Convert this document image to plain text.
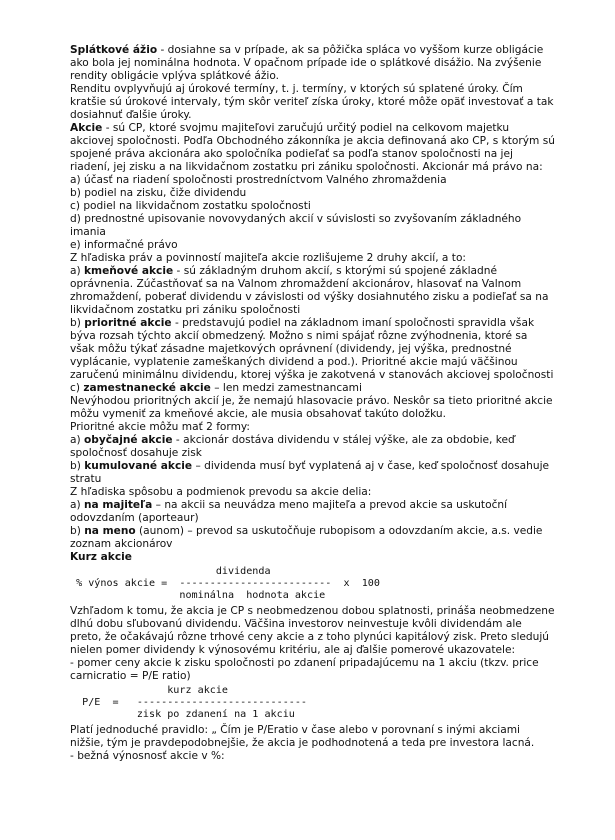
Splátkové ážio - dosiahne sa v prípade, ak sa pôžička spláca vo vyššom kurze obligácie ako bola jej nominálna hodnota. V opačnom prípade ide o splátkové disážio. Na zvýšenie rendity obligácie vplýva splátkové ážio.

Renditu ovplyvňujú aj úrokové termíny, t. j. termíny, v ktorých sú splatené úroky. Čím kratšie sú úrokové intervaly, tým skôr veriteľ získa úroky, ktoré môže opäť investovať a tak dosiahnuť ďalšie úroky.

Akcie - sú CP, ktoré svojmu majiteľovi zaručujú určitý podiel na celkovom majetku akciovej spoločnosti. Podľa Obchodného zákonníka je akcia definovaná ako CP, s ktorým sú spojené práva akcionára ako spoločníka podieľať sa podľa stanov spoločnosti na jej riadení, jej zisku a na likvidačnom zostatku pri zániku spoločnosti. Akcionár má právo na:

a) účasť na riadení spoločnosti prostredníctvom Valného zhromaždenia

b) podiel na zisku, čiže dividendu

c) podiel na likvidačnom zostatku spoločnosti

d) prednostné upisovanie novovydaných akcií v súvislosti so zvyšovaním základného imania

e) informačné právo

Z hľadiska práv a povinností majiteľa akcie rozlišujeme 2 druhy akcií, a to:

a) kmeňové akcie - sú základným druhom akcií, s ktorými sú spojené základné oprávnenia. Zúčastňovať sa na Valnom zhromaždení akcionárov, hlasovať na Valnom zhromaždení, poberať dividendu v závislosti od výšky dosiahnutého zisku a podieľať sa na likvidačnom zostatku pri zániku spoločnosti

b) prioritné akcie - predstavujú podiel na základnom imaní spoločnosti spravidla však býva rozsah týchto akcií obmedzený. Možno s nimi spájať rôzne zvýhodnenia, ktoré sa však môžu týkať zásadne majetkových oprávnení (dividendy, jej výška, prednostné vyplácanie, vyplatenie zameškaných dividend a pod.). Prioritné akcie majú väčšinou zaručenú minimálnu dividendu, ktorej výška je zakotvená v stanovách akciovej spoločnosti

c) zamestnanecké akcie – len medzi zamestnancami

Nevýhodou prioritných akcií je, že nemajú hlasovacie právo. Neskôr sa tieto prioritné akcie môžu vymeniť za kmeňové akcie, ale musia obsahovať takúto doložku.

Prioritné akcie môžu mať 2 formy:

a) obyčajné akcie - akcionár dostáva dividendu v stálej výške, ale za obdobie, keď spoločnosť dosahuje zisk

b) kumulované akcie – dividenda musí byť vyplatená aj v čase, keď spoločnosť dosahuje stratu

Z hľadiska spôsobu a podmienok prevodu sa akcie delia:

a) na majiteľa – na akcii sa neuvádza meno majiteľa a prevod akcie sa uskutoční odovzdaním (aporteaur)

b) na meno (aunom) – prevod sa uskutočňuje rubopisom a odovzdaním akcie, a.s. vedie zoznam akcionárov

Kurz akcie

dividenda
% výnos akcie =  -------------------------  x  100
nominálna  hodnota akcie

Vzhľadom k tomu, že akcia je CP s neobmedzenou dobou splatnosti, prináša neobmedzene dlhú dobu sľubovanú dividendu. Väčšina investorov neinvestuje kvôli dividendám ale preto, že očakávajú rôzne trhové ceny akcie a z toho plynúci kapitálový zisk. Preto sledujú nielen pomer dividendy k výnosovému kritériu, ale aj ďalšie pomerové ukazovatele:

- pomer ceny akcie k zisku spoločnosti po zdanení pripadajúcemu na 1 akciu (tkzv. price carnicratio = P/E ratio)

kurz akcie
P/E  =   ----------------------------
zisk po zdanení na 1 akciu

Platí jednoduché pravidlo: „ Čím je P/Eratio v čase alebo v porovnaní s inými akciami nižšie, tým je pravdepodobnejšie, že akcia je podhodnotená a teda pre investora lacná.

- bežná výnosnosť akcie v %:
